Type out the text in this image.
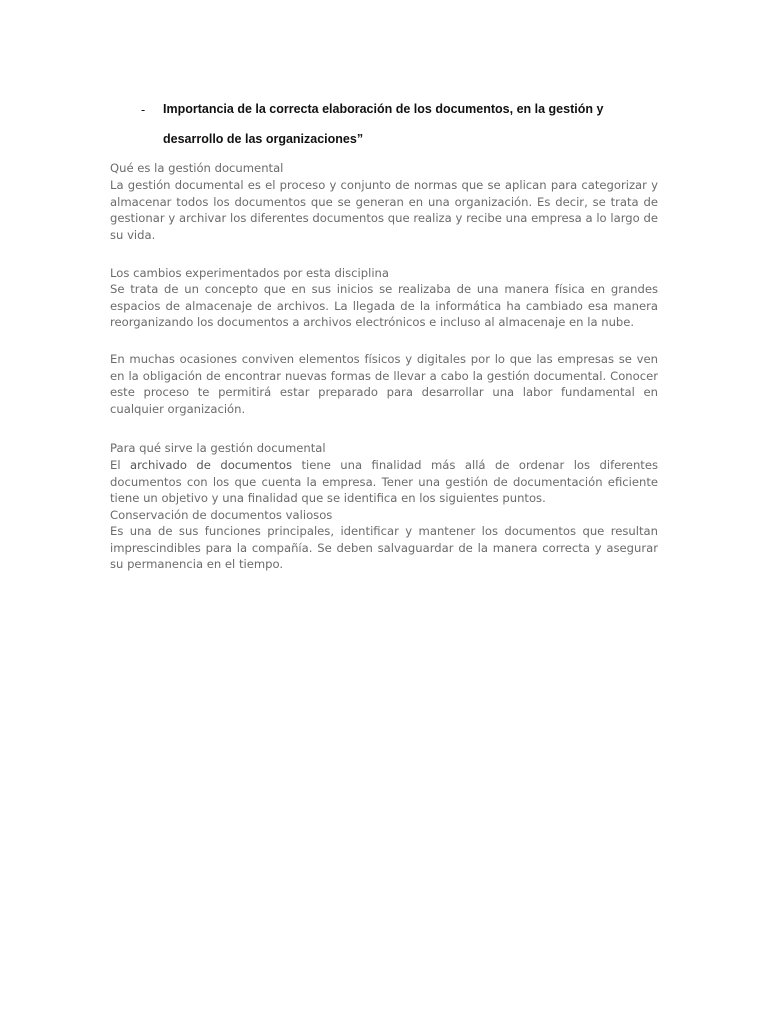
- Importancia de la correcta elaboración de los documentos, en la gestión y
desarrollo de las organizaciones”

Qué es la gestión documental

La gestión documental es el proceso y conjunto de normas que se aplican para categorizar y almacenar todos los documentos que se generan en una organización. Es decir, se trata de gestionar y archivar los diferentes documentos que realiza y recibe una empresa a lo largo de su vida.

Los cambios experimentados por esta disciplina

Se trata de un concepto que en sus inicios se realizaba de una manera física en grandes espacios de almacenaje de archivos. La llegada de la informática ha cambiado esa manera reorganizando los documentos a archivos electrónicos e incluso al almacenaje en la nube.

En muchas ocasiones conviven elementos físicos y digitales por lo que las empresas se ven en la obligación de encontrar nuevas formas de llevar a cabo la gestión documental. Conocer este proceso te permitirá estar preparado para desarrollar una labor fundamental en cualquier organización.

Para qué sirve la gestión documental

El archivado de documentos tiene una finalidad más allá de ordenar los diferentes documentos con los que cuenta la empresa. Tener una gestión de documentación eficiente tiene un objetivo y una finalidad que se identifica en los siguientes puntos.

Conservación de documentos valiosos

Es una de sus funciones principales, identificar y mantener los documentos que resultan imprescindibles para la compañía. Se deben salvaguardar de la manera correcta y asegurar su permanencia en el tiempo.
